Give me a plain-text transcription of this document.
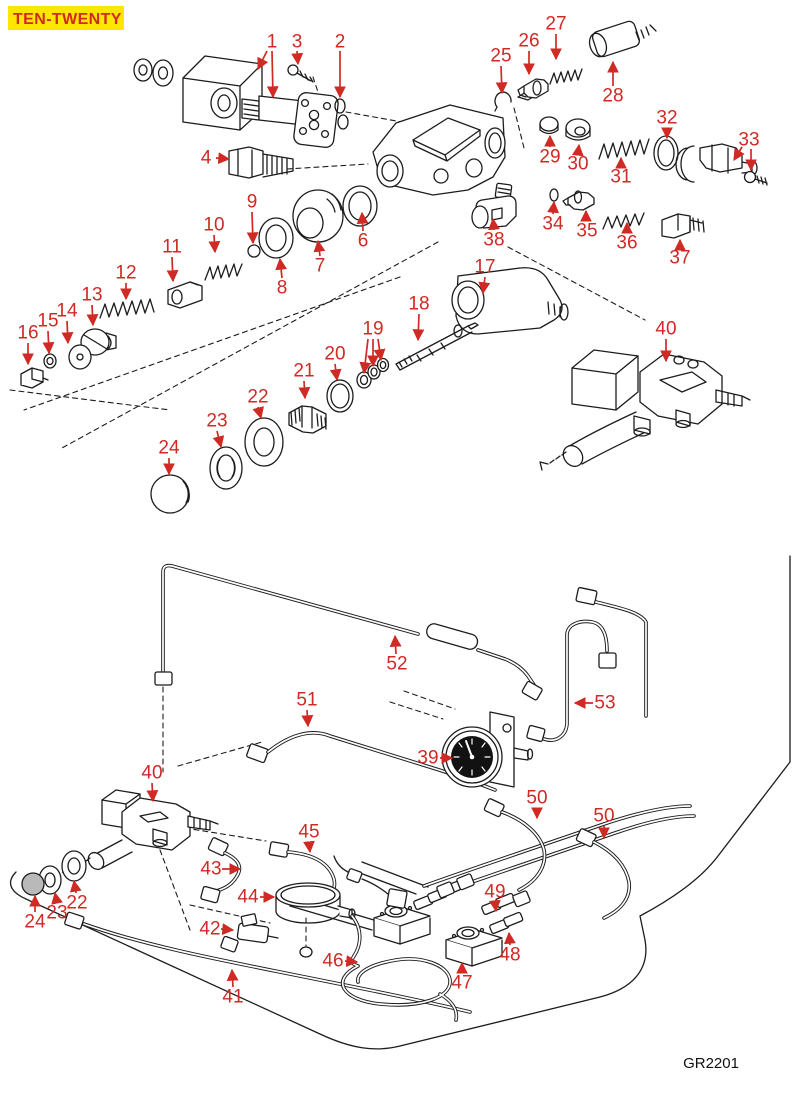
TEN-TWENTY
GR2201
1 3 2
4
25
26
27
28
29 30
31
32
33
34 35
36
37
38
6
7
8
9
10
11
12
13
14
15
16
17
18
19
20
21
22
23
24
40
52
53
51
39
50
50
40
22
23
24
43
45
44
42
46
41
47
48
49
